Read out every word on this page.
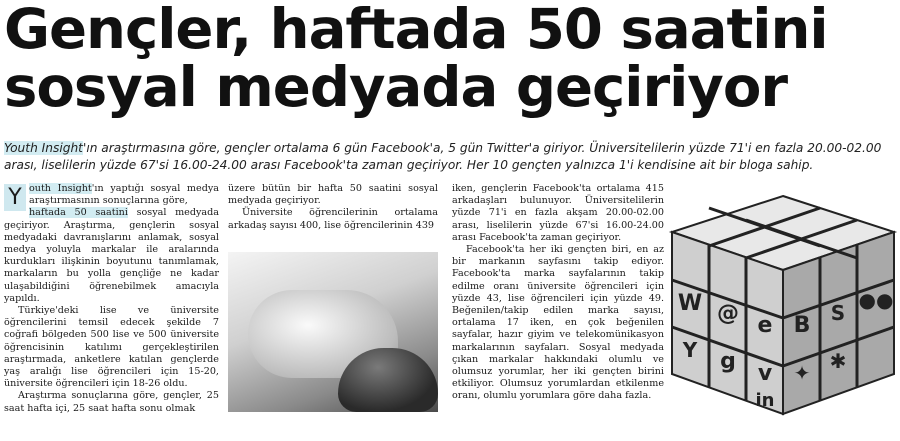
Gençler, haftada 50 saatini
sosyal medyada geçiriyor
Youth Insight'ın araştırmasına göre, gençler ortalama 6 gün Facebook'a, 5 gün Twitter'a giriyor. Üniversitelilerin yüzde 71'i en fazla 20.00-02.00 arası, liselilerin yüzde 67'si 16.00-24.00 arası Facebook'ta zaman geçiriyor. Her 10 gençten yalnızca 1'i kendisine ait bir bloga sahip.

Y outh Insight'ın yaptığı sosyal medya araştırmasının sonuçlarına göre,
haftada 50 saatini sosyal medyada geçiriyor. Araştırma, gençlerin sosyal medyadaki davranışlarını anlamak, sosyal medya yoluyla markalar ile aralarında kurdukları ilişkinin boyutunu tanımlamak, markaların bu yolla gençliğe ne kadar ulaşabildiğini öğrenebilmek amacıyla yapıldı.

Türkiye'deki lise ve üniversite öğrencilerini temsil edecek şekilde 7 coğrafi bölgeden 500 lise ve 500 üniversite öğrencisinin katılımı gerçekleştirilen araştırmada, anketlere katılan gençlerde yaş aralığı lise öğrencileri için 15-20, üniversite öğrencileri için 18-26 oldu.

Araştırma sonuçlarına göre, gençler, 25 saat hafta içi, 25 saat hafta sonu olmak

üzere bütün bir hafta 50 saatini sosyal medyada geçiriyor.

Üniversite öğrencilerinin ortalama arkadaş sayısı 400, lise öğrencilerinin 439

iken, gençlerin Facebook'ta ortalama 415 arkadaşları bulunuyor. Üniversitelilerin yüzde 71'i en fazla akşam 20.00-02.00 arası, liselilerin yüzde 67'si 16.00-24.00 arası Facebook'ta zaman geçiriyor.

Facebook'ta her iki gençten biri, en az bir markanın sayfasını takip ediyor. Facebook'ta marka sayfalarının takip edilme oranı üniversite öğrencileri için yüzde 43, lise öğrencileri için yüzde 49. Beğenilen/takip edilen marka sayısı, ortalama 17 iken, en çok beğenilen sayfalar, hazır giyim ve telekomünikasyon markalarının sayfaları. Sosyal medyada çıkan markalar hakkındaki olumlu ve olumsuz yorumlar, her iki gençten birini etkiliyor. Olumsuz yorumlardan etkilenme oranı, olumlu yorumlara göre daha fazla.

W @ e
Y g v
in
B S
✦
●●
✱
